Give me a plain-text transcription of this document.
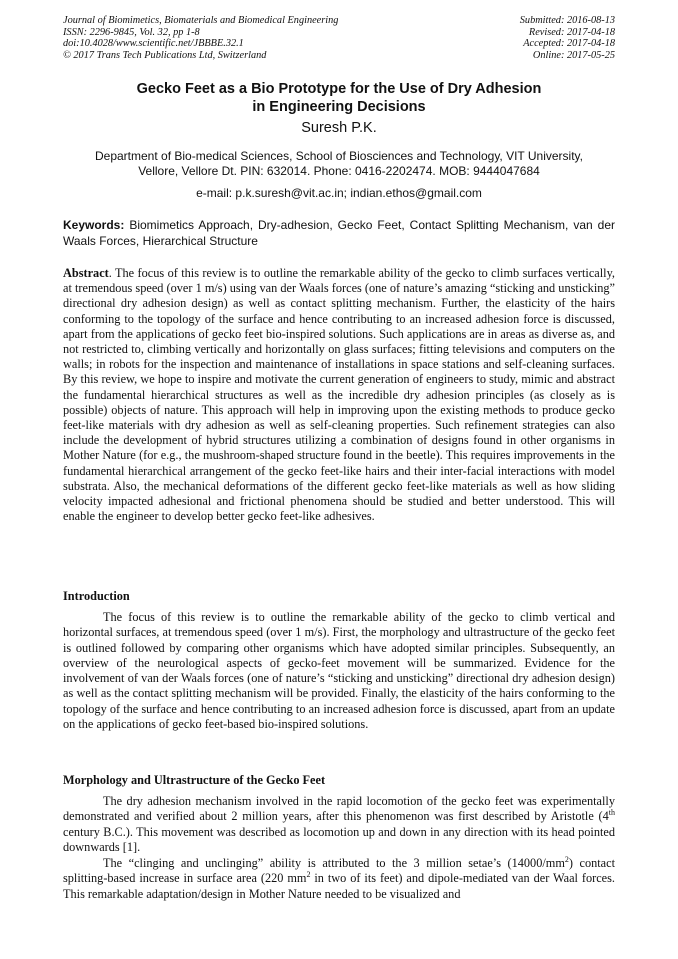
Journal of Biomimetics, Biomaterials and Biomedical Engineering
ISSN: 2296-9845, Vol. 32, pp 1-8
doi:10.4028/www.scientific.net/JBBBE.32.1
© 2017 Trans Tech Publications Ltd, Switzerland
Submitted: 2016-08-13
Revised: 2017-04-18
Accepted: 2017-04-18
Online: 2017-05-25
Gecko Feet as a Bio Prototype for the Use of Dry Adhesion
in Engineering Decisions
Suresh P.K.
Department of Bio-medical Sciences, School of Biosciences and Technology, VIT University,
Vellore, Vellore Dt. PIN: 632014. Phone: 0416-2202474. MOB: 9444047684
e-mail: p.k.suresh@vit.ac.in; indian.ethos@gmail.com
Keywords: Biomimetics Approach, Dry-adhesion, Gecko Feet, Contact Splitting Mechanism, van der Waals Forces, Hierarchical Structure
Abstract. The focus of this review is to outline the remarkable ability of the gecko to climb surfaces vertically, at tremendous speed (over 1 m/s) using van der Waals forces (one of nature’s amazing “sticking and unsticking” directional dry adhesion design) as well as contact splitting mechanism. Further, the elasticity of the hairs conforming to the topology of the surface and hence contributing to an increased adhesion force is discussed, apart from the applications of gecko feet bio-inspired solutions. Such applications are in areas as diverse as, and not restricted to, climbing vertically and horizontally on glass surfaces; fitting televisions and computers on the walls; in robots for the inspection and maintenance of installations in space stations and self-cleaning surfaces. By this review, we hope to inspire and motivate the current generation of engineers to study, mimic and abstract the fundamental hierarchical structures as well as the incredible dry adhesion principles (as closely as is possible) objects of nature. This approach will help in improving upon the existing methods to produce gecko feet-like materials with dry adhesion as well as self-cleaning properties. Such refinement strategies can also include the development of hybrid structures utilizing a combination of designs found in other organisms in Mother Nature (for e.g., the mushroom-shaped structure found in the beetle). This requires improvements in the fundamental hierarchical arrangement of the gecko feet-like hairs and their inter-facial interactions with model substrata. Also, the mechanical deformations of the different gecko feet-like materials as well as how sliding velocity impacted adhesional and frictional phenomena should be studied and better understood. This will enable the engineer to develop better gecko feet-like adhesives.
Introduction

The focus of this review is to outline the remarkable ability of the gecko to climb vertical and horizontal surfaces, at tremendous speed (over 1 m/s). First, the morphology and ultrastructure of the gecko feet is outlined followed by comparing other organisms which have adopted similar principles. Subsequently, an overview of the neurological aspects of gecko-feet movement will be summarized. Evidence for the involvement of van der Waals forces (one of nature’s “sticking and unsticking” directional dry adhesion design) as well as the contact splitting mechanism will be provided. Finally, the elasticity of the hairs conforming to the topology of the surface and hence contributing to an increased adhesion force is discussed, apart from an update on the applications of gecko feet-based bio-inspired solutions.

Morphology and Ultrastructure of the Gecko Feet

The dry adhesion mechanism involved in the rapid locomotion of the gecko feet was experimentally demonstrated and verified about 2 million years, after this phenomenon was first described by Aristotle (4th century B.C.). This movement was described as locomotion up and down in any direction with its head pointed downwards [1].

The “clinging and unclinging” ability is attributed to the 3 million setae’s $(14000/mm^2)$ contact splitting-based increase in surface area (220 $mm^2$ in two of its feet) and dipole-mediated van der Waal forces. This remarkable adaptation/design in Mother Nature needed to be visualized and
